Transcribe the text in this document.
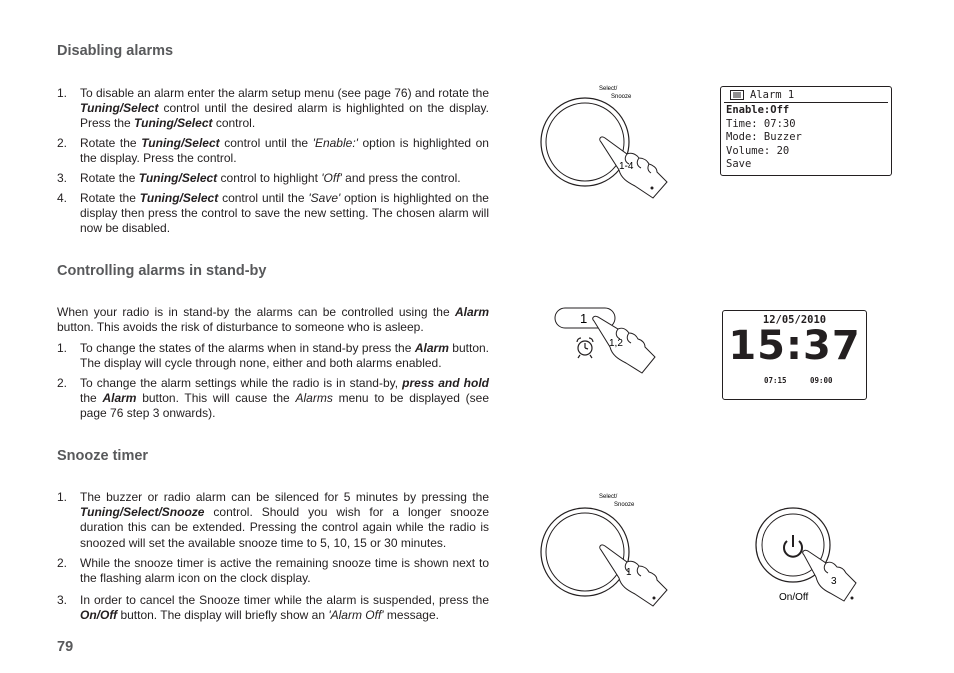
Disabling alarms
1.	To disable an alarm enter the alarm setup menu (see page 76) and rotate the Tuning/Select control until the desired alarm is highlighted on the display. Press the Tuning/Select control.
2.	Rotate the Tuning/Select control until the 'Enable:' option is highlighted on the display. Press the control.
3.	Rotate the Tuning/Select control to highlight 'Off' and press the control.
4.	Rotate the Tuning/Select control until the 'Save' option is highlighted on the display then press the control to save the new setting. The chosen alarm will now be disabled.
Controlling alarms in stand-by
When your radio is in stand-by the alarms can be controlled using the Alarm button. This avoids the risk of disturbance to someone who is asleep.
1.	To change the states of the alarms when in stand-by press the Alarm button. The display will cycle through none, either and both alarms enabled.
2.	To change the alarm settings while the radio is in stand-by, press and hold the Alarm button. This will cause the Alarms menu to be displayed (see page 76 step 3 onwards).
Snooze timer
1.	The buzzer or radio alarm can be silenced for 5 minutes by pressing the Tuning/Select/Snooze control. Should you wish for a longer snooze duration this can be extended. Pressing the control again while the radio is snoozed will set the available snooze time to 5, 10, 15 or 30 minutes.
2.	While the snooze timer is active the remaining snooze time is shown next to the flashing alarm icon on the clock display.
3.	In order to cancel the Snooze timer while the alarm is suspended, press the On/Off button. The display will briefly show an 'Alarm Off' message.
79
Select/
Snooze
1-4
Alarm 1
Enable:Off
Time: 07:30
Mode: Buzzer
Volume: 20
Save
1
1,2
12/05/2010
15:37
07:15	09:00
Select/
Snooze
1
3
On/Off
